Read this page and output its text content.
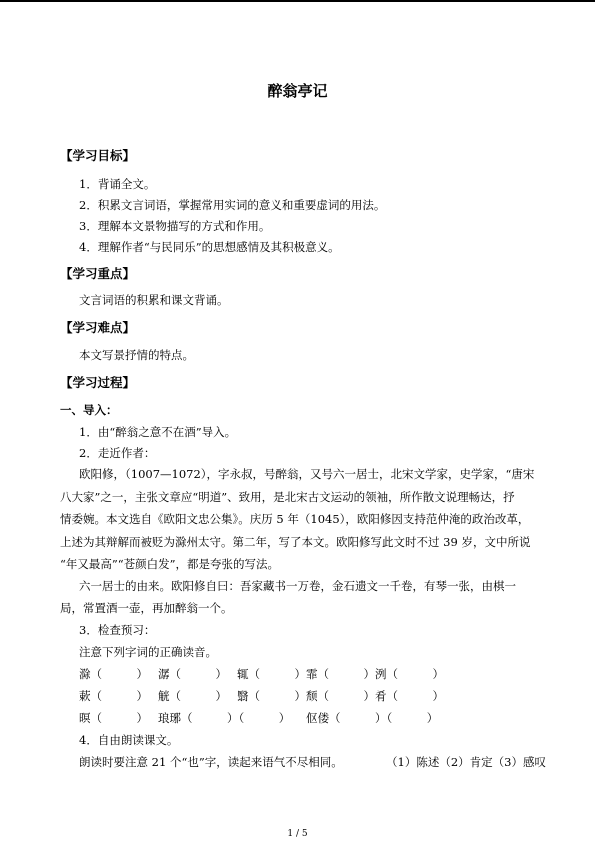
醉翁亭记
【学习目标】
1．背诵全文。
2．积累文言词语，掌握常用实词的意义和重要虚词的用法。
3．理解本文景物描写的方式和作用。
4．理解作者“与民同乐”的思想感情及其积极意义。
【学习重点】
文言词语的积累和课文背诵。
【学习难点】
本文写景抒情的特点。
【学习过程】
一、导入：
1．由“醉翁之意不在酒”导入。
2．走近作者：
欧阳修，（1007—1072），字永叔，号醉翁，又号六一居士，北宋文学家，史学家，“唐宋
八大家”之一，主张文章应“明道”、致用，是北宋古文运动的领袖，所作散文说理畅达，抒
情委婉。本文选自《欧阳文忠公集》。庆历 5 年（1045），欧阳修因支持范仲淹的政治改革，
上述为其辩解而被贬为滁州太守。第二年，写了本文。欧阳修写此文时不过 39 岁，文中所说
“年又最高”“苍颜白发”，都是夸张的写法。
六一居士的由来。欧阳修自曰：吾家藏书一万卷，金石遗文一千卷，有琴一张，由棋一
局，常置酒一壶，再加醉翁一个。
3．检查预习：
注意下列字词的正确读音。
滁（　　　） 潺（　　　） 辄（　　　） 霏（　　　） 洌（　　　）
蔌（　　　） 觥（　　　） 翳（　　　） 颓（　　　） 肴（　　　）
暝（　　　） 琅琊（　　　）（　　　） 伛偻（　　　）（　　　）
4．自由朗读课文。
朗读时要注意 21 个“也”字，读起来语气不尽相同。	（1）陈述（2）肯定（3）感叹
1 / 5
